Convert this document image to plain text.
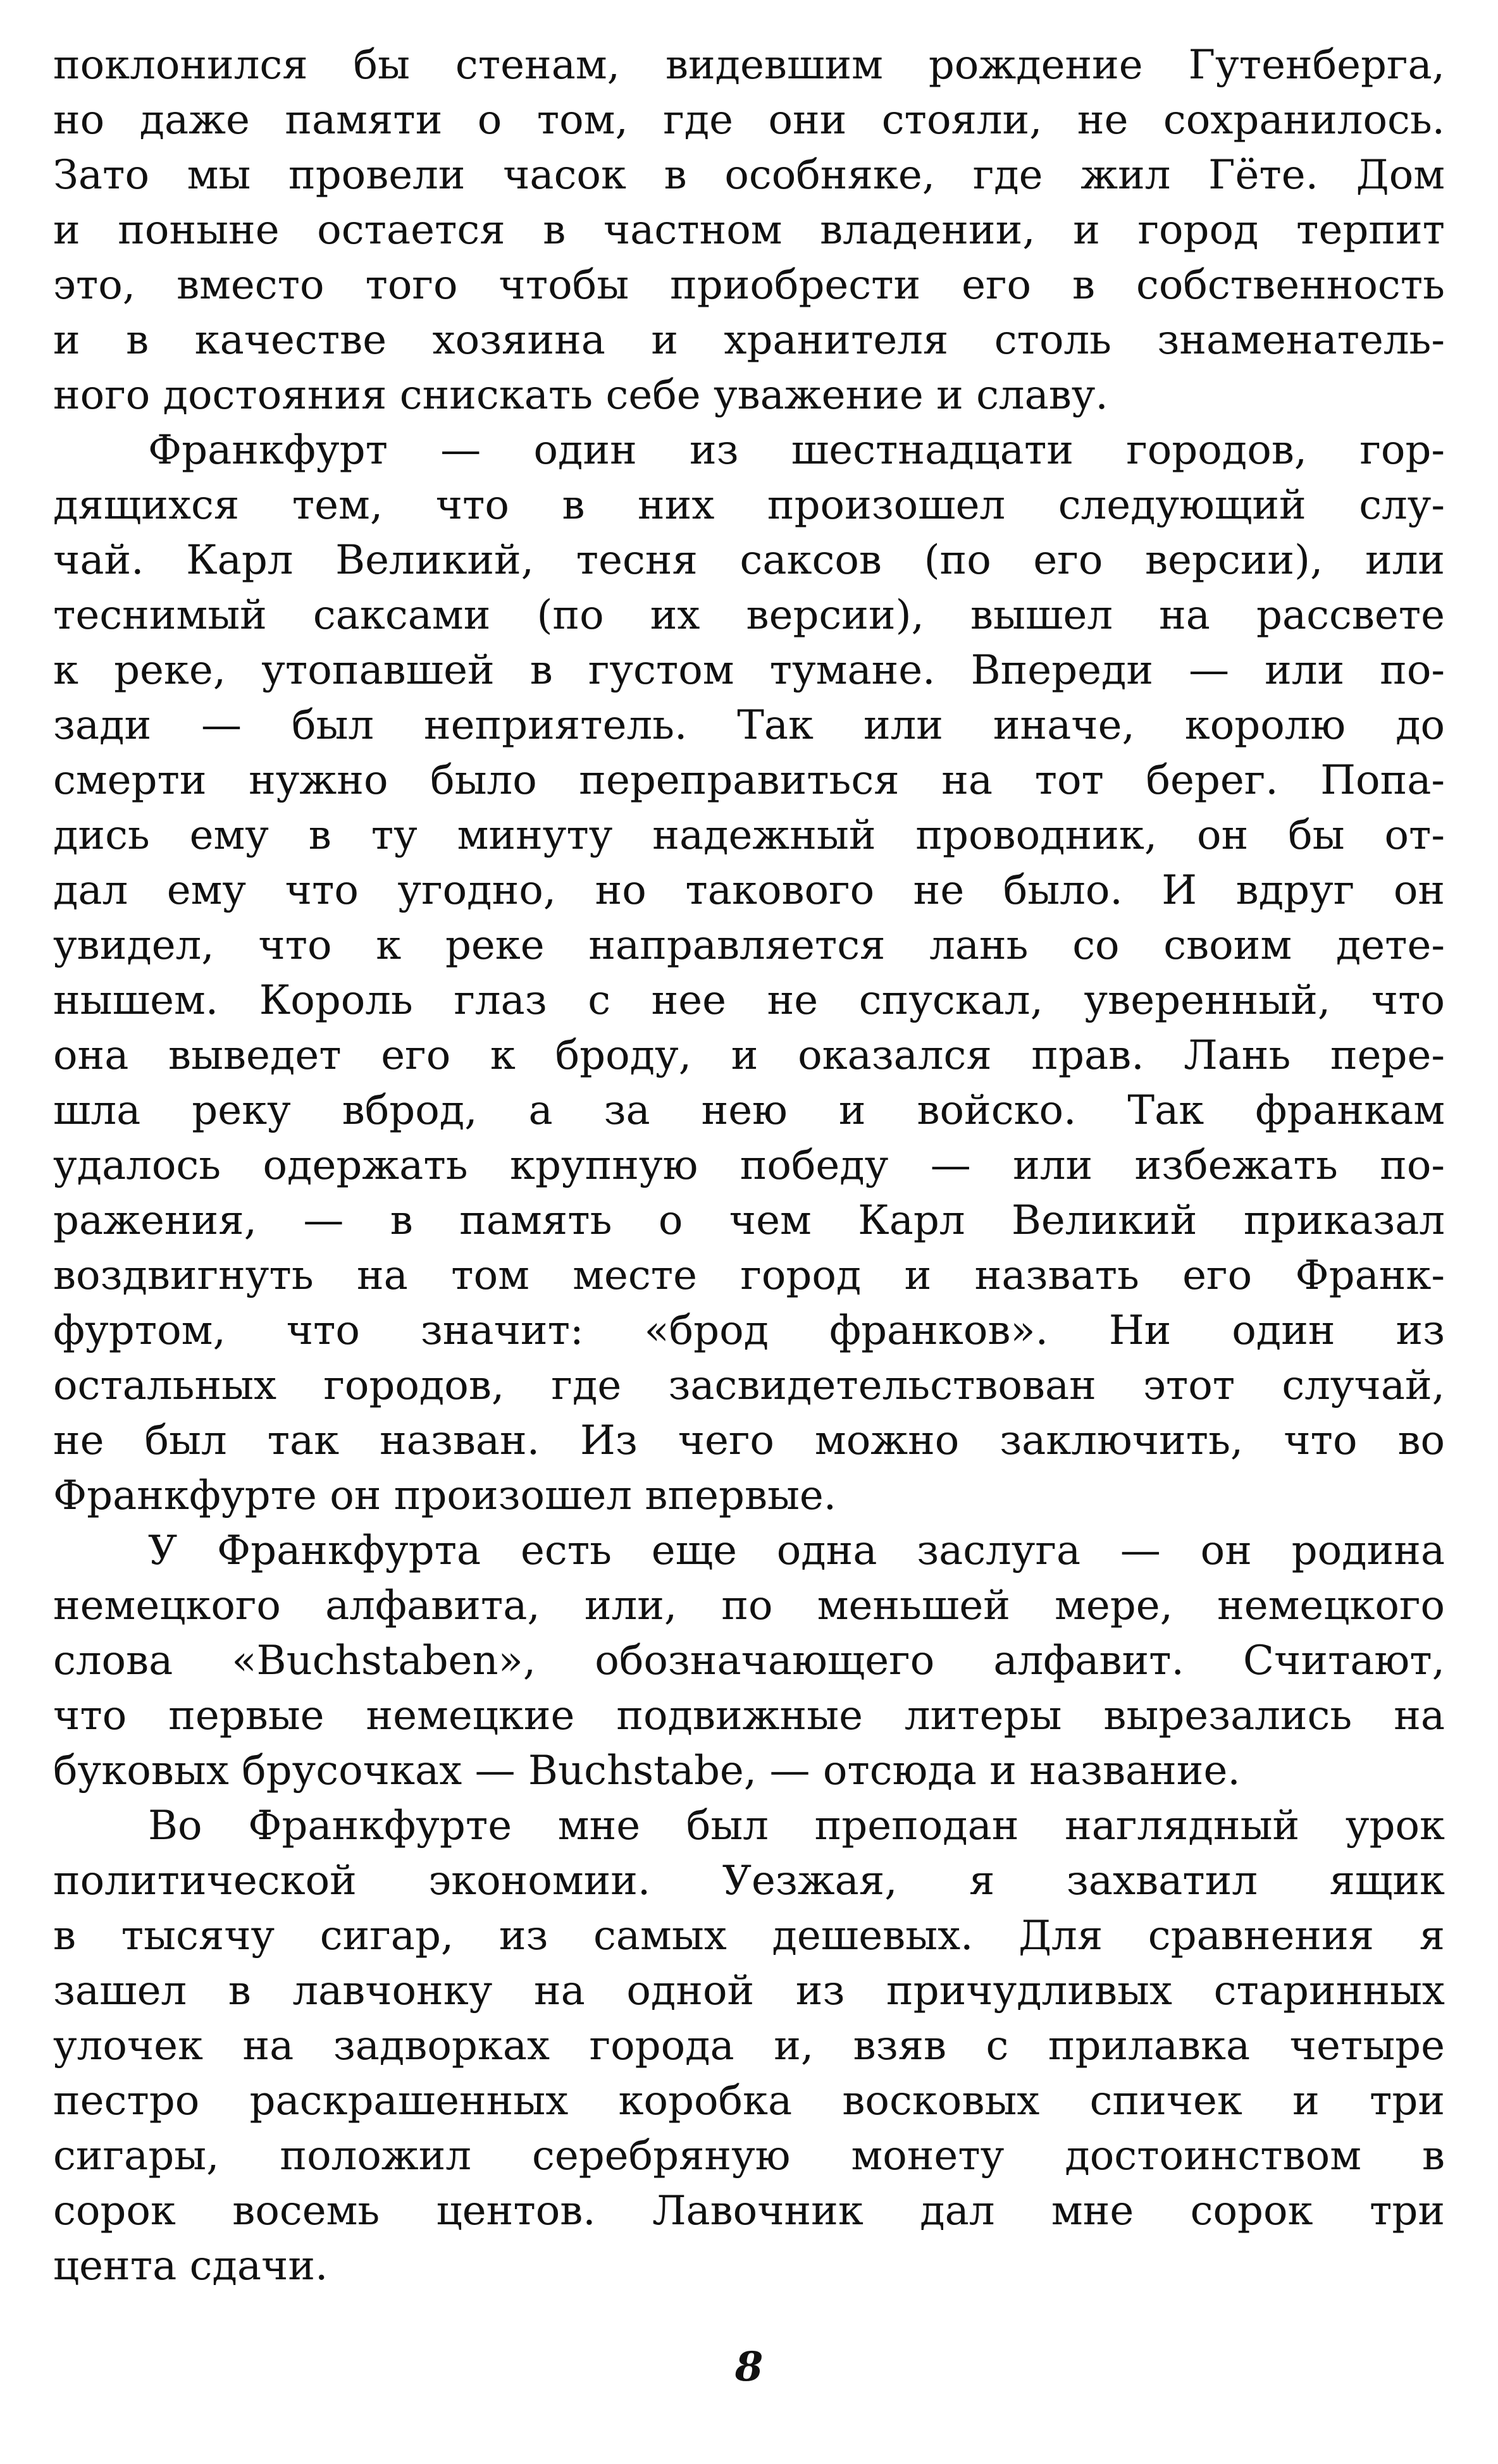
поклонился бы стенам, видевшим рождение Гутенберга,
но даже памяти о том, где они стояли, не сохранилось.
Зато мы провели часок в особняке, где жил Гёте. Дом
и поныне остается в частном владении, и город терпит
это, вместо того чтобы приобрести его в собственность
и в качестве хозяина и хранителя столь знаменатель-
ного достояния снискать себе уважение и славу.
Франкфурт — один из шестнадцати городов, гор-
дящихся тем, что в них произошел следующий слу-
чай. Карл Великий, тесня саксов (по его версии), или
теснимый саксами (по их версии), вышел на рассвете
к реке, утопавшей в густом тумане. Впереди — или по-
зади — был неприятель. Так или иначе, королю до
смерти нужно было переправиться на тот берег. Попа-
дись ему в ту минуту надежный проводник, он бы от-
дал ему что угодно, но такового не было. И вдруг он
увидел, что к реке направляется лань со своим дете-
нышем. Король глаз с нее не спускал, уверенный, что
она выведет его к броду, и оказался прав. Лань пере-
шла реку вброд, а за нею и войско. Так франкам
удалось одержать крупную победу — или избежать по-
ражения, — в память о чем Карл Великий приказал
воздвигнуть на том месте город и назвать его Франк-
фуртом, что значит: «брод франков». Ни один из
остальных городов, где засвидетельствован этот случай,
не был так назван. Из чего можно заключить, что во
Франкфурте он произошел впервые.
У Франкфурта есть еще одна заслуга — он родина
немецкого алфавита, или, по меньшей мере, немецкого
слова «Buchstaben», обозначающего алфавит. Считают,
что первые немецкие подвижные литеры вырезались на
буковых брусочках — Buchstabe, — отсюда и название.
Во Франкфурте мне был преподан наглядный урок
политической экономии. Уезжая, я захватил ящик
в тысячу сигар, из самых дешевых. Для сравнения я
зашел в лавчонку на одной из причудливых старинных
улочек на задворках города и, взяв с прилавка четыре
пестро раскрашенных коробка восковых спичек и три
сигары, положил серебряную монету достоинством в
сорок восемь центов. Лавочник дал мне сорок три
цента сдачи.
8
